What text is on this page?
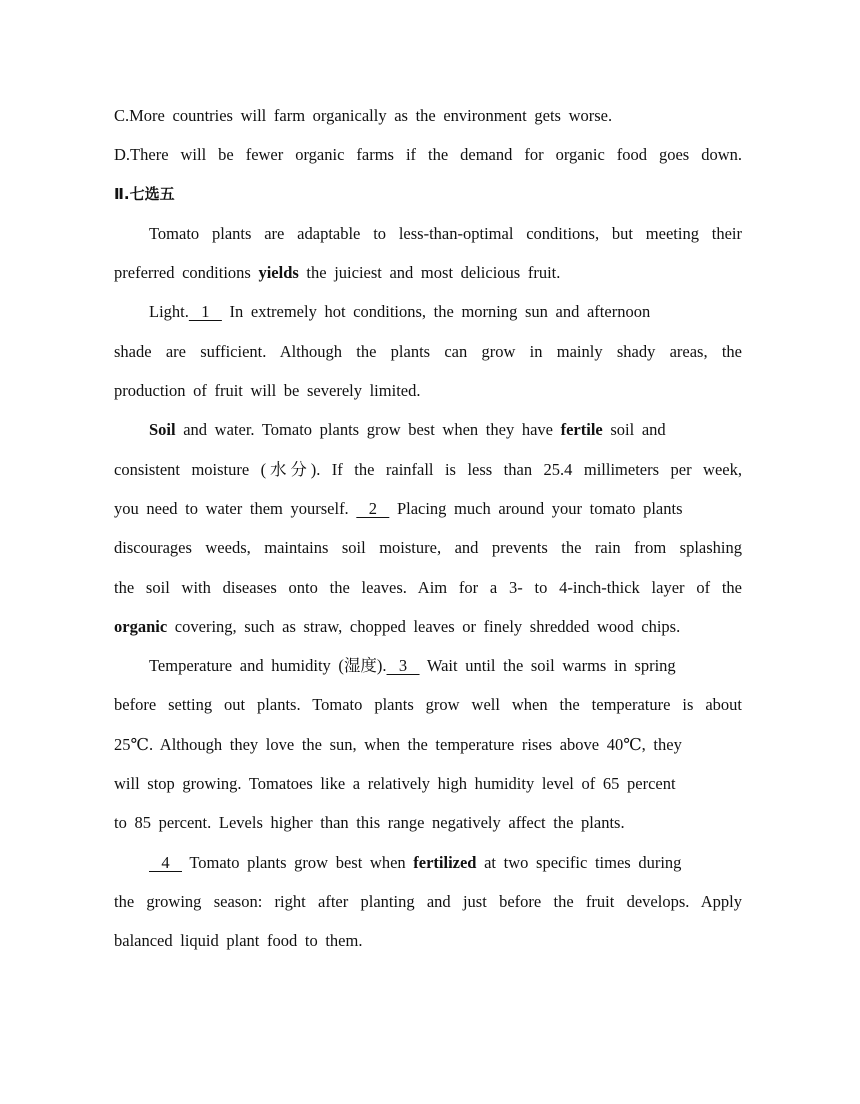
C.More countries will farm organically as the environment gets worse.
D.There will be fewer organic farms if the demand for organic food goes down.
Ⅱ.七选五
Tomato plants are adaptable to less-than-optimal conditions, but meeting their
preferred conditions yields the juiciest and most delicious fruit.
Light.   1    In extremely hot conditions, the morning sun and afternoon
shade are sufficient. Although the plants can grow in mainly shady areas, the
production of fruit will be severely limited.
Soil and water. Tomato plants grow best when they have fertile soil and
consistent moisture (水分). If the rainfall is less than 25.4 millimeters per week,
you need to water them yourself.    2    Placing much around your tomato plants
discourages weeds, maintains soil moisture, and prevents the rain from splashing
the soil with diseases onto the leaves. Aim for a 3- to 4-inch-thick layer of the
organic covering, such as straw, chopped leaves or finely shredded wood chips.
Temperature and humidity (湿度).   3    Wait until the soil warms in spring
before setting out plants. Tomato plants grow well when the temperature is about
25℃. Although they love the sun, when the temperature rises above 40℃, they
will stop growing. Tomatoes like a relatively high humidity level of 65 percent
to 85 percent. Levels higher than this range negatively affect the plants.
4    Tomato plants grow best when fertilized at two specific times during
the growing season: right after planting and just before the fruit develops. Apply
balanced liquid plant food to them.
